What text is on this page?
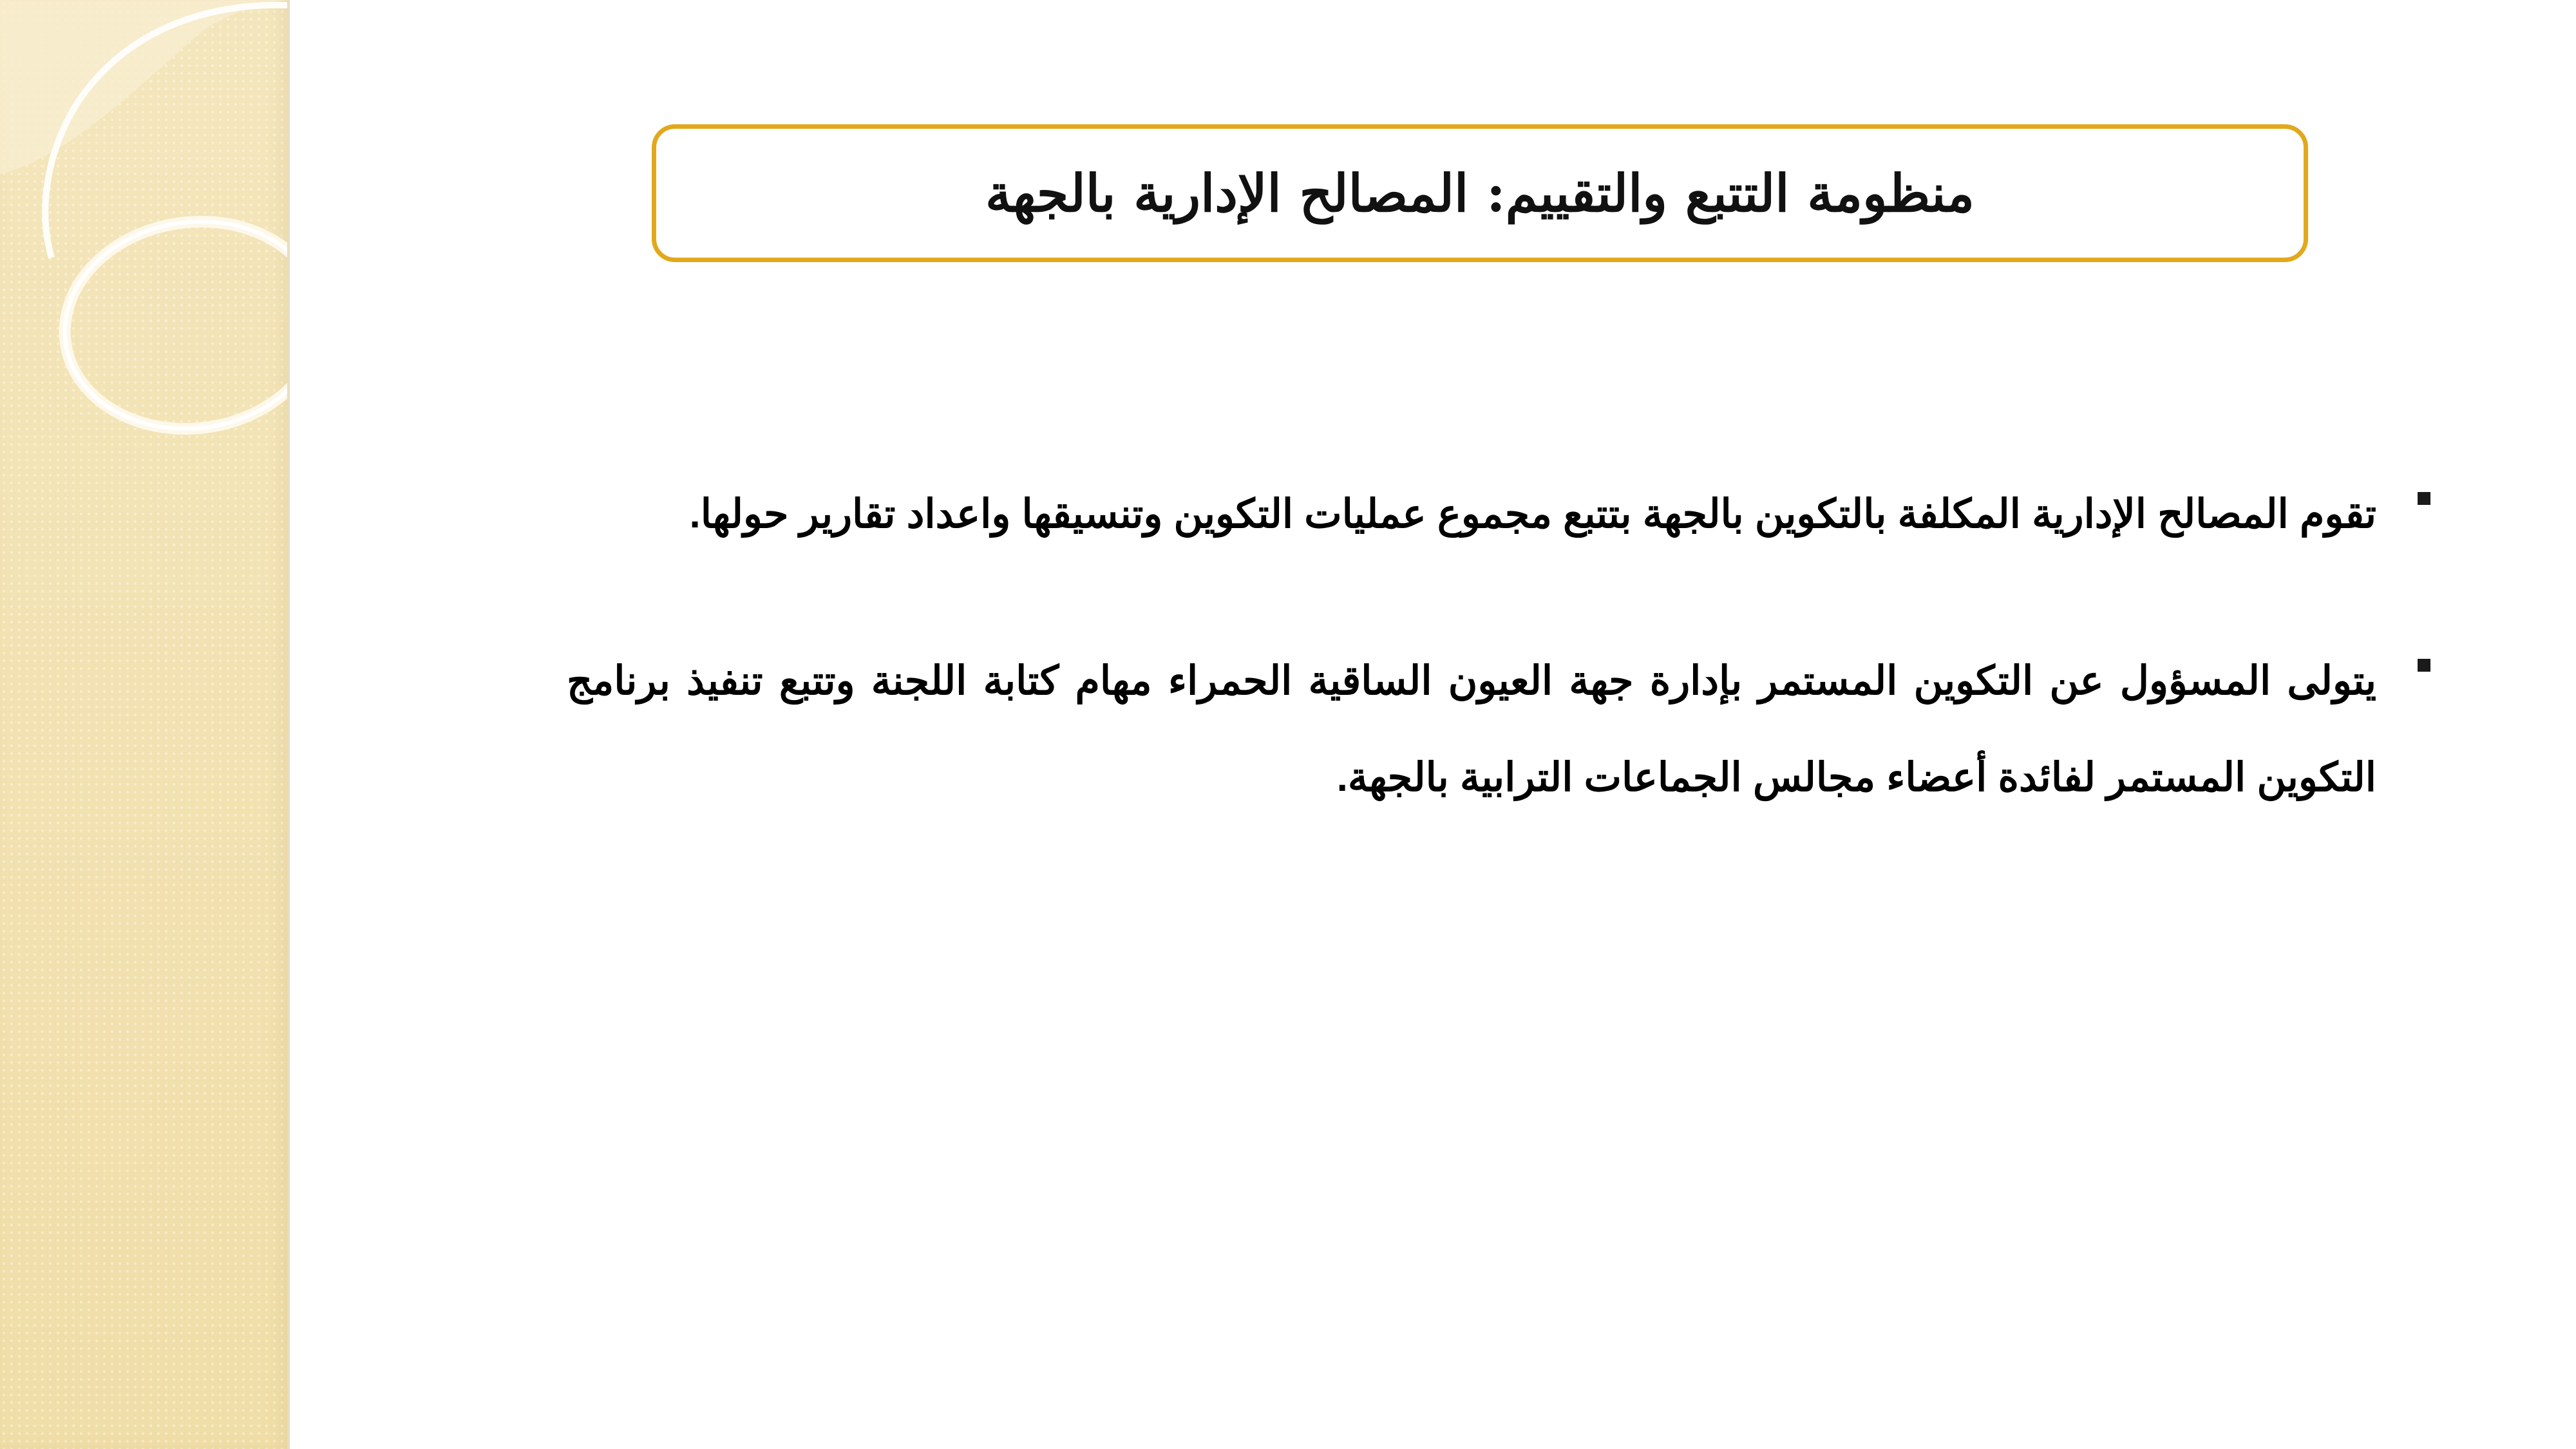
منظومة التتبع والتقييم: المصالح الإدارية بالجهة
تقوم المصالح الإدارية المكلفة بالتكوين بالجهة بتتبع مجموع عمليات التكوين وتنسيقها واعداد تقارير حولها.
يتولى المسؤول عن التكوين المستمر بإدارة جهة العيون الساقية الحمراء مهام كتابة اللجنة وتتبع تنفيذ برنامج التكوين المستمر لفائدة أعضاء مجالس الجماعات الترابية بالجهة.
